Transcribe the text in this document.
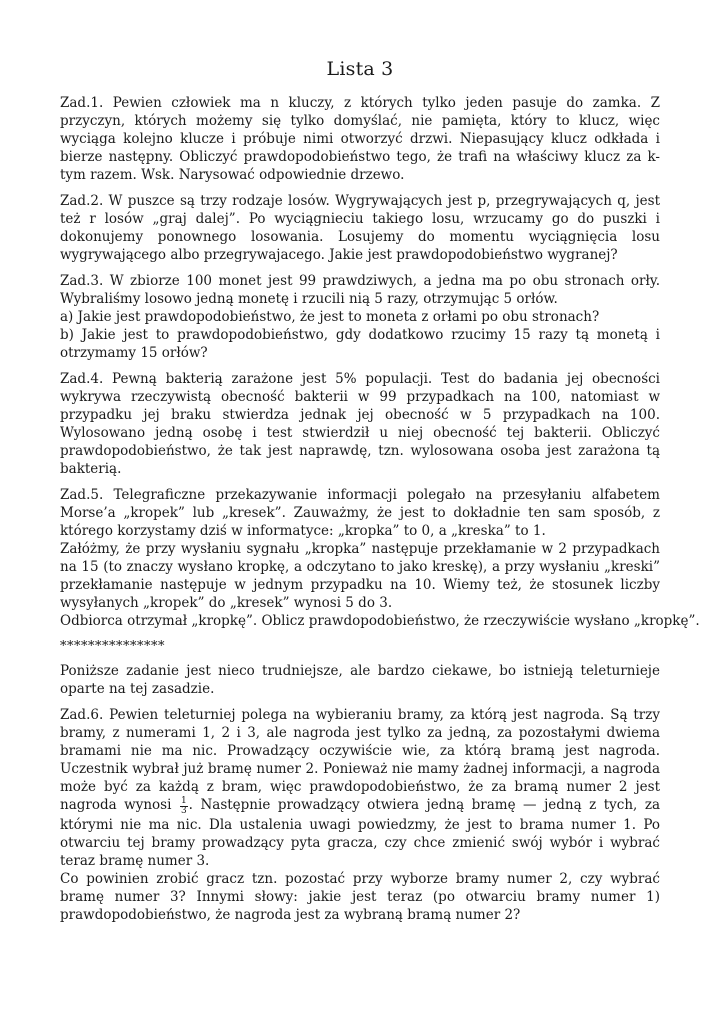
Lista 3

Zad.1. Pewien człowiek ma n kluczy, z których tylko jeden pasuje do zamka. Z przyczyn, których możemy się tylko domyślać, nie pamięta, który to klucz, więc wyciąga kolejno klucze i próbuje nimi otworzyć drzwi. Niepasujący klucz odkłada i bierze następny. Obliczyć prawdopodobieństwo tego, że trafi na właściwy klucz za k-tym razem. Wsk. Narysować odpowiednie drzewo.

Zad.2. W puszce są trzy rodzaje losów. Wygrywających jest p, przegrywających q, jest też r losów „graj dalej”. Po wyciągnieciu takiego losu, wrzucamy go do puszki i dokonujemy ponownego losowania. Losujemy do momentu wyciągnięcia losu wygrywającego albo przegrywajacego. Jakie jest prawdopodobieństwo wygranej?

Zad.3. W zbiorze 100 monet jest 99 prawdziwych, a jedna ma po obu stronach orły. Wybraliśmy losowo jedną monetę i rzucili nią 5 razy, otrzymując 5 orłów.
a) Jakie jest prawdopodobieństwo, że jest to moneta z orłami po obu stronach?
b) Jakie jest to prawdopodobieństwo, gdy dodatkowo rzucimy 15 razy tą monetą i otrzymamy 15 orłów?

Zad.4. Pewną bakterią zarażone jest 5% populacji. Test do badania jej obecności wykrywa rzeczywistą obecność bakterii w 99 przypadkach na 100, natomiast w przypadku jej braku stwierdza jednak jej obecność w 5 przypadkach na 100. Wylosowano jedną osobę i test stwierdził u niej obecność tej bakterii. Obliczyć prawdopodobieństwo, że tak jest naprawdę, tzn. wylosowana osoba jest zarażona tą bakterią.

Zad.5. Telegraficzne przekazywanie informacji polegało na przesyłaniu alfabetem Morse’a „kropek” lub „kresek”. Zauważmy, że jest to dokładnie ten sam sposób, z którego korzystamy dziś w informatyce: „kropka” to 0, a „kreska” to 1.
Załóżmy, że przy wysłaniu sygnału „kropka” następuje przekłamanie w 2 przypadkach na 15 (to znaczy wysłano kropkę, a odczytano to jako kreskę), a przy wysłaniu „kreski” przekłamanie następuje w jednym przypadku na 10. Wiemy też, że stosunek liczby wysyłanych „kropek” do „kresek” wynosi 5 do 3.
Odbiorca otrzymał „kropkę”. Oblicz prawdopodobieństwo, że rzeczywiście wysłano „kropkę”.
***************

Poniższe zadanie jest nieco trudniejsze, ale bardzo ciekawe, bo istnieją teleturnieje oparte na tej zasadzie.

Zad.6. Pewien teleturniej polega na wybieraniu bramy, za którą jest nagroda. Są trzy bramy, z numerami 1, 2 i 3, ale nagroda jest tylko za jedną, za pozostałymi dwiema bramami nie ma nic. Prowadzący oczywiście wie, za którą bramą jest nagroda. Uczestnik wybrał już bramę numer 2. Ponieważ nie mamy żadnej informacji, a nagroda może być za każdą z bram, więc prawdopodobieństwo, że za bramą numer 2 jest nagroda wynosi $\frac{1}{3}$ . Następnie prowadzący otwiera jedną bramę — jedną z tych, za którymi nie ma nic. Dla ustalenia uwagi powiedzmy, że jest to brama numer 1. Po otwarciu tej bramy prowadzący pyta gracza, czy chce zmienić swój wybór i wybrać teraz bramę numer 3.
Co powinien zrobić gracz tzn. pozostać przy wyborze bramy numer 2, czy wybrać bramę numer 3? Innymi słowy: jakie jest teraz (po otwarciu bramy numer 1) prawdopodobieństwo, że nagroda jest za wybraną bramą numer 2?
